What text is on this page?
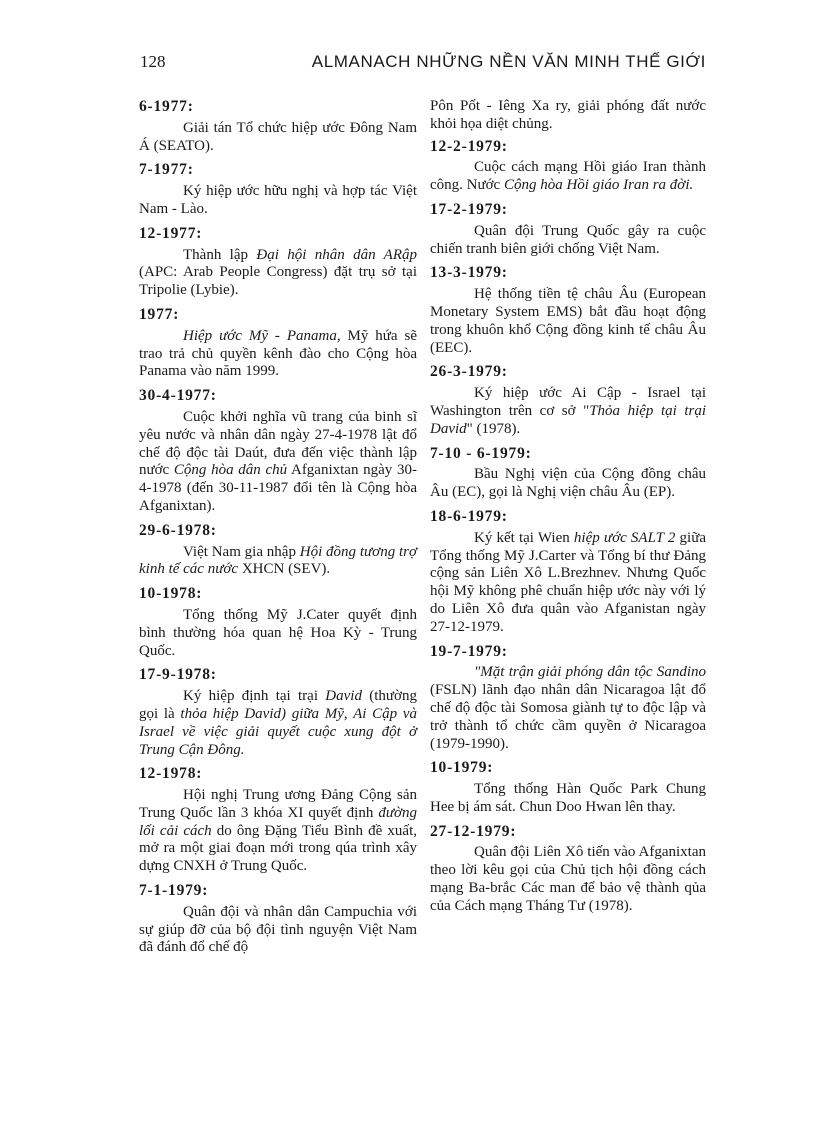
128	ALMANACH NHỮNG NỀN VĂN MINH THẾ GIỚI

6-1977:

Giải tán Tổ chức hiệp ước Đông Nam Á (SEATO).

7-1977:

Ký hiệp ước hữu nghị và hợp tác Việt Nam - Lào.

12-1977:

Thành lập Đại hội nhân dân ARập (APC: Arab People Congress) đặt trụ sở tại Tripolie (Lybie).

1977:

Hiệp ước Mỹ - Panama, Mỹ hứa sẽ trao trả chủ quyền kênh đào cho Cộng hòa Panama vào năm 1999.

30-4-1977:

Cuộc khởi nghĩa vũ trang của binh sĩ yêu nước và nhân dân ngày 27-4-1978 lật đổ chế độ độc tài Daút, đưa đến việc thành lập nước Cộng hòa dân chủ Afganixtan ngày 30-4-1978 (đến 30-11-1987 đổi tên là Cộng hòa Afganixtan).

29-6-1978:

Việt Nam gia nhập Hội đồng tương trợ kinh tế các nước XHCN (SEV).

10-1978:

Tổng thống Mỹ J.Cater quyết định bình thường hóa quan hệ Hoa Kỳ - Trung Quốc.

17-9-1978:

Ký hiệp định tại trại David (thường gọi là thỏa hiệp David) giữa Mỹ, Ai Cập và Israel về việc giải quyết cuộc xung đột ở Trung Cận Đông.

12-1978:

Hội nghị Trung ương Đảng Cộng sản Trung Quốc lần 3 khóa XI quyết định đường lối cải cách do ông Đặng Tiểu Bình đề xuất, mở ra một giai đoạn mới trong qúa trình xây dựng CNXH ở Trung Quốc.

7-1-1979:

Quân đội và nhân dân Campuchia với sự giúp đỡ của bộ đội tình nguyện Việt Nam đã đánh đổ chế độ

Pôn Pốt - Iêng Xa ry, giải phóng đất nước khỏi họa diệt chủng.

12-2-1979:

Cuộc cách mạng Hồi giáo Iran thành công. Nước Cộng hòa Hồi giáo Iran ra đời.

17-2-1979:

Quân đội Trung Quốc gây ra cuộc chiến tranh biên giới chống Việt Nam.

13-3-1979:

Hệ thống tiền tệ châu Âu (European Monetary System EMS) bắt đầu hoạt động trong khuôn khổ Cộng đồng kinh tế châu Âu (EEC).

26-3-1979:

Ký hiệp ước Ai Cập - Israel tại Washington trên cơ sở "Thỏa hiệp tại trại David" (1978).

7-10 - 6-1979:

Bầu Nghị viện của Cộng đồng châu Âu (EC), gọi là Nghị viện châu Âu (EP).

18-6-1979:

Ký kết tại Wien hiệp ước SALT 2 giữa Tổng thống Mỹ J.Carter và Tổng bí thư Đảng cộng sản Liên Xô L.Brezhnev. Nhưng Quốc hội Mỹ không phê chuẩn hiệp ước này với lý do Liên Xô đưa quân vào Afganistan ngày 27-12-1979.

19-7-1979:

"Mặt trận giải phóng dân tộc Sandino (FSLN) lãnh đạo nhân dân Nicaragoa lật đổ chế độ độc tài Somosa giành tự to độc lập và trở thành tổ chức cầm quyền ở Nicaragoa (1979-1990).

10-1979:

Tổng thống Hàn Quốc Park Chung Hee bị ám sát. Chun Doo Hwan lên thay.

27-12-1979:

Quân đội Liên Xô tiến vào Afganixtan theo lời kêu gọi của Chủ tịch hội đồng cách mạng Ba-brắc Các man để bảo vệ thành qủa của Cách mạng Tháng Tư (1978).
